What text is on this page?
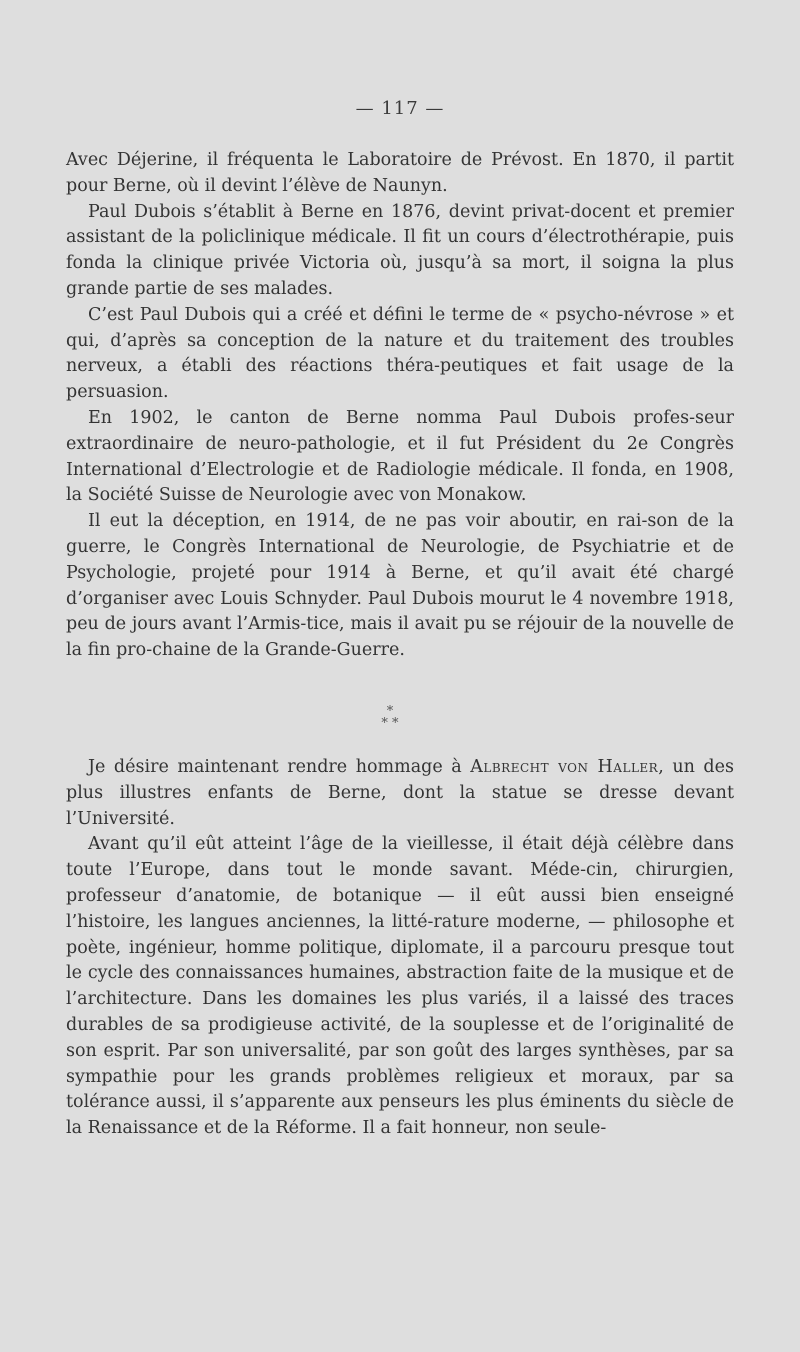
— 117 —

Avec Déjerine, il fréquenta le Laboratoire de Prévost. En 1870, il partit pour Berne, où il devint l’élève de Naunyn.

Paul Dubois s’établit à Berne en 1876, devint privat-docent et premier assistant de la policlinique médicale. Il fit un cours d’électrothérapie, puis fonda la clinique privée Victoria où, jusqu’à sa mort, il soigna la plus grande partie de ses malades.

C’est Paul Dubois qui a créé et défini le terme de « psycho-névrose » et qui, d’après sa conception de la nature et du traitement des troubles nerveux, a établi des réactions théra-peutiques et fait usage de la persuasion.

En 1902, le canton de Berne nomma Paul Dubois profes-seur extraordinaire de neuro-pathologie, et il fut Président du 2e Congrès International d’Electrologie et de Radiologie médicale. Il fonda, en 1908, la Société Suisse de Neurologie avec von Monakow.

Il eut la déception, en 1914, de ne pas voir aboutir, en rai-son de la guerre, le Congrès International de Neurologie, de Psychiatrie et de Psychologie, projeté pour 1914 à Berne, et qu’il avait été chargé d’organiser avec Louis Schnyder. Paul Dubois mourut le 4 novembre 1918, peu de jours avant l’Armis-tice, mais il avait pu se réjouir de la nouvelle de la fin pro-chaine de la Grande-Guerre.

*
* *

Je désire maintenant rendre hommage à Albrecht von Haller, un des plus illustres enfants de Berne, dont la statue se dresse devant l’Université.

Avant qu’il eût atteint l’âge de la vieillesse, il était déjà célèbre dans toute l’Europe, dans tout le monde savant. Méde-cin, chirurgien, professeur d’anatomie, de botanique — il eût aussi bien enseigné l’histoire, les langues anciennes, la litté-rature moderne, — philosophe et poète, ingénieur, homme politique, diplomate, il a parcouru presque tout le cycle des connaissances humaines, abstraction faite de la musique et de l’architecture. Dans les domaines les plus variés, il a laissé des traces durables de sa prodigieuse activité, de la souplesse et de l’originalité de son esprit. Par son universalité, par son goût des larges synthèses, par sa sympathie pour les grands problèmes religieux et moraux, par sa tolérance aussi, il s’apparente aux penseurs les plus éminents du siècle de la Renaissance et de la Réforme. Il a fait honneur, non seule-
